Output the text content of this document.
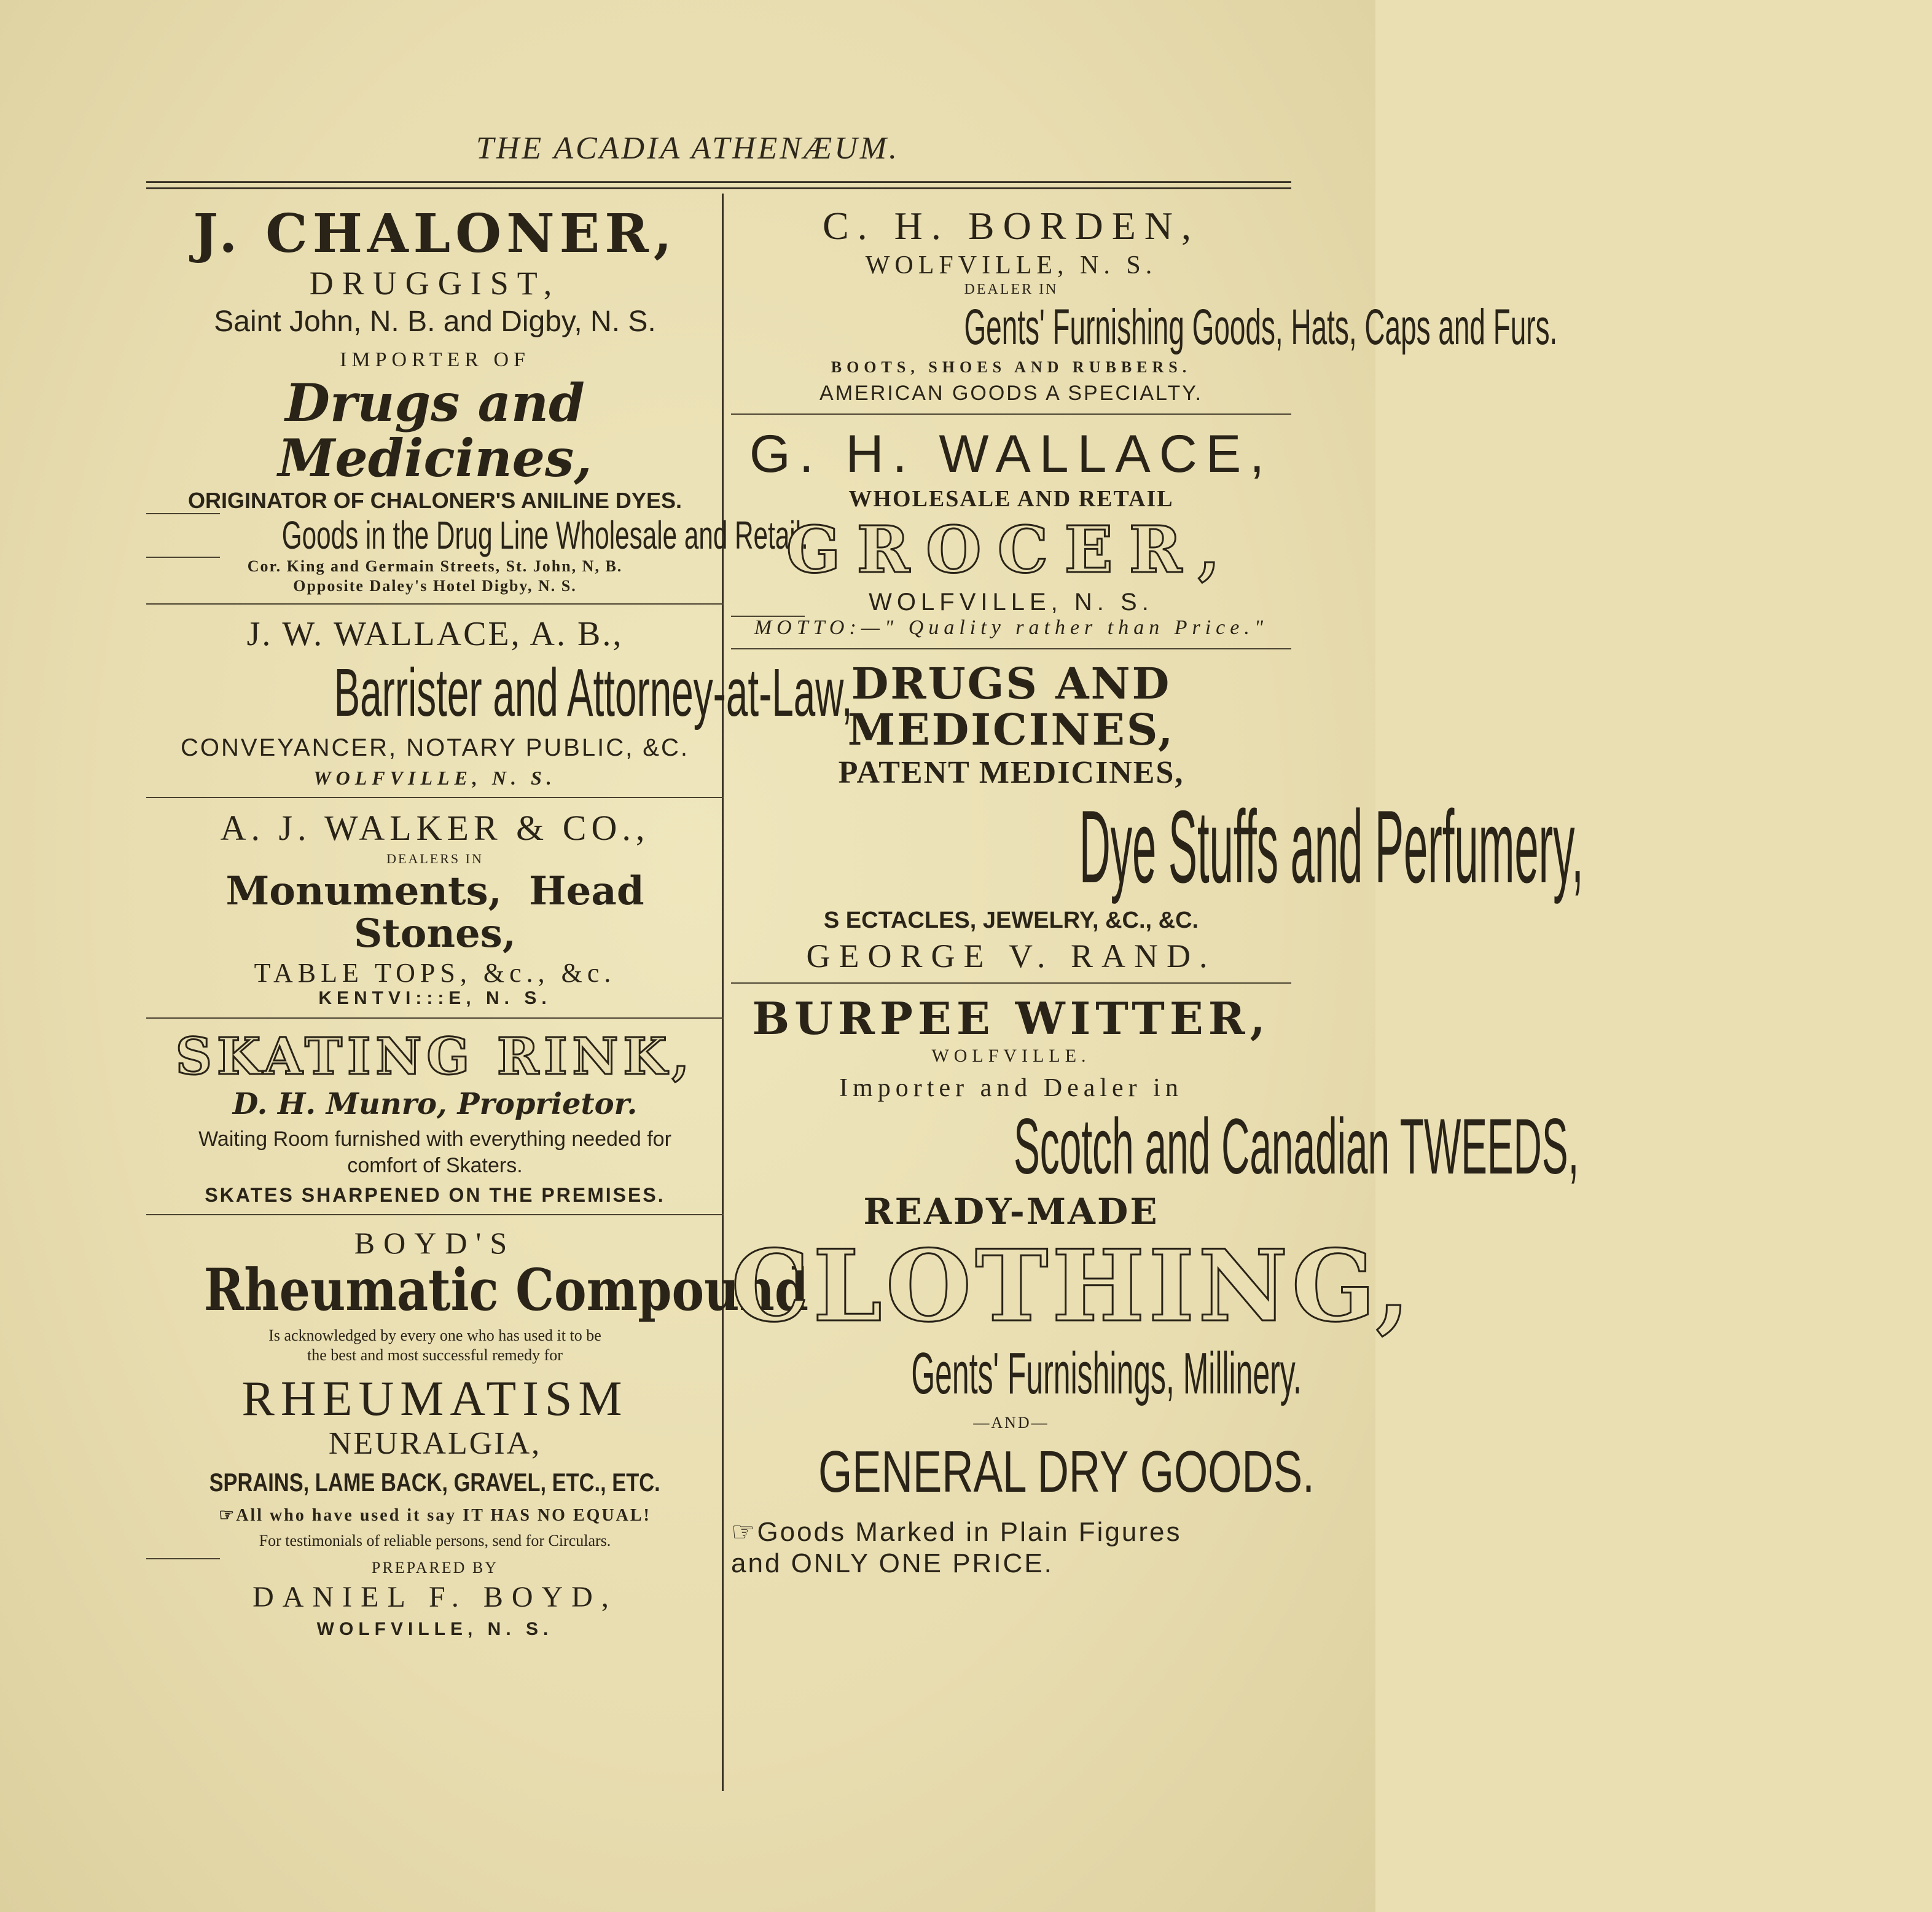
THE ACADIA ATHENÆUM.
J. CHALONER,
DRUGGIST,
Saint John, N. B. and Digby, N. S.
IMPORTER OF
Drugs and Medicines,
ORIGINATOR OF CHALONER'S ANILINE DYES.
Goods in the Drug Line Wholesale and Retail.
Cor. King and Germain Streets, St. John, N, B.
Opposite Daley's Hotel Digby, N. S.
J. W. WALLACE, A. B.,
Barrister and Attorney-at-Law,
CONVEYANCER, NOTARY PUBLIC, &C.
WOLFVILLE, N. S.
A. J. WALKER & CO.,
DEALERS IN
Monuments, Head Stones,
TABLE TOPS, &c., &c.
KENTVI:::E, N. S.
SKATING RINK,
D. H. Munro, Proprietor.
Waiting Room furnished with everything needed for
comfort of Skaters.
SKATES SHARPENED ON THE PREMISES.
BOYD'S
Rheumatic Compound
Is acknowledged by every one who has used it to be
the best and most successful remedy for
RHEUMATISM
NEURALGIA,
SPRAINS, LAME BACK, GRAVEL, ETC., ETC.
☞All who have used it say IT HAS NO EQUAL!
For testimonials of reliable persons, send for Circulars.
PREPARED BY
DANIEL F. BOYD,
WOLFVILLE, N. S.
C. H. BORDEN,
WOLFVILLE, N. S.
DEALER IN
Gents' Furnishing Goods, Hats, Caps and Furs.
BOOTS, SHOES AND RUBBERS.
AMERICAN GOODS A SPECIALTY.
G. H. WALLACE,
WHOLESALE AND RETAIL
GROCER,
WOLFVILLE, N. S.
MOTTO:—" Quality rather than Price."
DRUGS AND MEDICINES,
PATENT MEDICINES,
Dye Stuffs and Perfumery,
S ECTACLES, JEWELRY, &C., &C.
GEORGE V. RAND.
BURPEE WITTER,
WOLFVILLE.
Importer and Dealer in
Scotch and Canadian TWEEDS,
READY-MADE
CLOTHING,
Gents' Furnishings, Millinery.
—AND—
GENERAL DRY GOODS.
☞Goods Marked in Plain Figures
and ONLY ONE PRICE.
